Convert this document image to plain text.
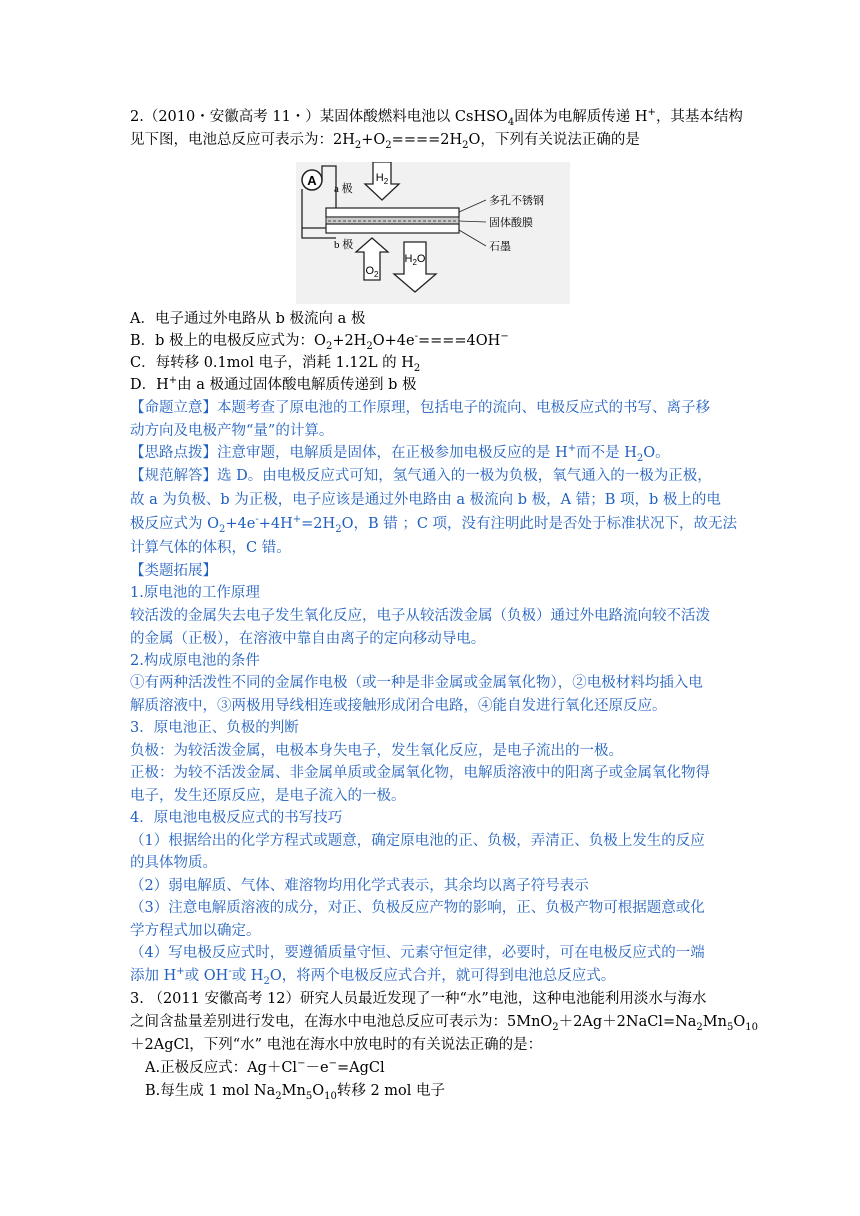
2.（2010・安徽高考 11・）某固体酸燃料电池以 CsHSO$_4$固体为电解质传递 H+，其基本结构
见下图，电池总反应可表示为：$2H_2+O_2====2H_2O$，下列有关说法正确的是
A	$H_2$
$O_2$
$H_2O$
a 极
b 极
多孔不锈钢
固体酸膜
石墨
A．电子通过外电路从 b 极流向 a 极
B．b 极上的电极反应式为：$O_2+2H_2O+4e^-====4OH^-$
C．每转移 0.1mol 电子，消耗 1.12L 的 $H_2$
D．H+由 a 极通过固体酸电解质传递到 b 极
【命题立意】本题考查了原电池的工作原理，包括电子的流向、电极反应式的书写、离子移
动方向及电极产物“量”的计算。
【思路点拨】注意审题，电解质是固体，在正极参加电极反应的是 H+而不是 $H_2O$。
【规范解答】选 D。由电极反应式可知，氢气通入的一极为负极，氧气通入的一极为正极，
故 a 为负极、b 为正极，电子应该是通过外电路由 a 极流向 b 极，A 错；B 项，b 极上的电
极反应式为 $O_2+4e^-+4H^+=2H_2O$，B 错 ；C 项，没有注明此时是否处于标准状况下，故无法
计算气体的体积，C 错。
【类题拓展】
1.原电池的工作原理
较活泼的金属失去电子发生氧化反应，电子从较活泼金属（负极）通过外电路流向较不活泼
的金属（正极），在溶液中靠自由离子的定向移动导电。
2.构成原电池的条件
①有两种活泼性不同的金属作电极（或一种是非金属或金属氧化物），②电极材料均插入电
解质溶液中，③两极用导线相连或接触形成闭合电路，④能自发进行氧化还原反应。
3．原电池正、负极的判断
负极：为较活泼金属，电极本身失电子，发生氧化反应，是电子流出的一极。
正极：为较不活泼金属、非金属单质或金属氧化物，电解质溶液中的阳离子或金属氧化物得
电子，发生还原反应，是电子流入的一极。
4．原电池电极反应式的书写技巧
（1）根据给出的化学方程式或题意，确定原电池的正、负极，弄清正、负极上发生的反应
的具体物质。
（2）弱电解质、气体、难溶物均用化学式表示，其余均以离子符号表示
（3）注意电解质溶液的成分，对正、负极反应产物的影响，正、负极产物可根据题意或化
学方程式加以确定。
（4）写电极反应式时，要遵循质量守恒、元素守恒定律，必要时，可在电极反应式的一端
添加 H+或 OH-或 $H_2O$，将两个电极反应式合并，就可得到电池总反应式。
3. （2011 安徽高考 12）研究人员最近发现了一种“水”电池，这种电池能利用淡水与海水
之间含盐量差别进行发电，在海水中电池总反应可表示为：$5MnO_2+2Ag+2NaCl=Na_2Mn_5O_{10}$
＋2AgCl，下列“水” 电池在海水中放电时的有关说法正确的是：
A.正极反应式：Ag＋Cl−－e−=AgCl
B.每生成 1 mol $Na_2Mn_5O_{10}$转移 2 mol 电子
